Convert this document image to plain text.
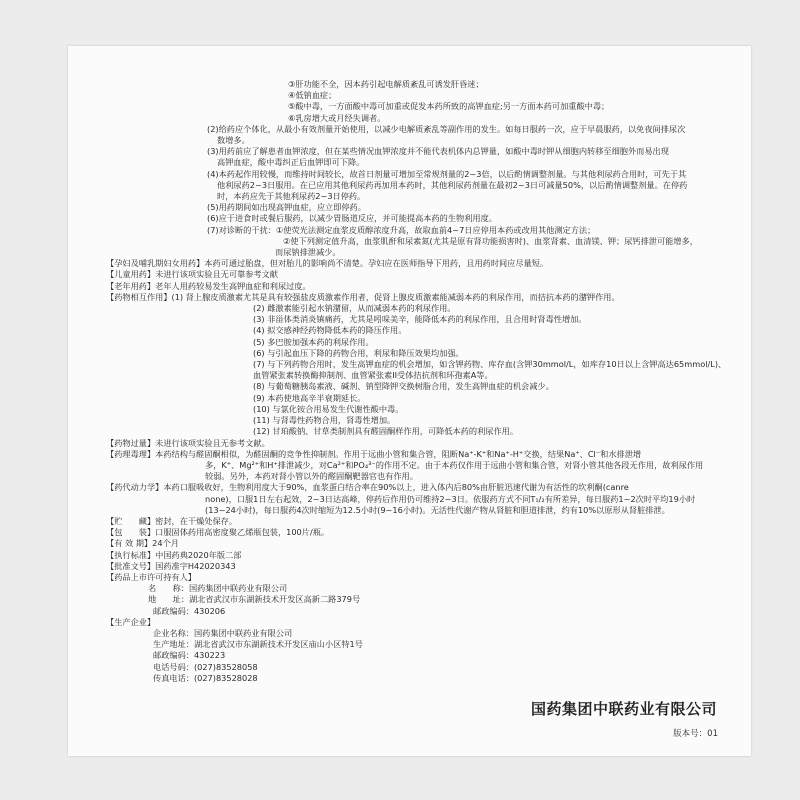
③肝功能不全，因本药引起电解质紊乱可诱发肝昏迷；
④低钠血症；
⑤酸中毒，一方面酸中毒可加重或促发本药所致的高钾血症;另一方面本药可加重酸中毒；
⑥乳房增大或月经失调者。
(2)给药应个体化，从最小有效剂量开始使用，以减少电解质紊乱等副作用的发生。如每日服药一次，应于早晨服药，以免夜间排尿次
数增多。
(3)用药前应了解患者血钾浓度，但在某些情况血钾浓度并不能代表机体内总钾量，如酸中毒时钾从细胞内转移至细胞外而易出现
高钾血症，酸中毒纠正后血钾即可下降。
(4)本药起作用较慢，而维持时间较长，故首日剂量可增加至常规剂量的2~3倍，以后酌情调整剂量。与其他利尿药合用时，可先于其
他利尿药2~3日服用。在已应用其他利尿药再加用本药时，其他利尿药剂量在最初2~3日可减量50%，以后酌情调整剂量。在停药
时，本药应先于其他利尿药2~3日停药。
(5)用药期间如出现高钾血症，应立即停药。
(6)应于进食时或餐后服药，以减少胃肠道反应，并可能提高本药的生物利用度。
(7)对诊断的干扰：①使荧光法测定血浆皮质醇浓度升高，故取血前4~7日应停用本药或改用其他测定方法；
②使下列测定值升高，血浆肌酐和尿素氮(尤其是原有肾功能损害时)、血浆肾素、血清镁、钾；尿钙排泄可能增多，
而尿钠排泄减少。
【孕妇及哺乳期妇女用药】本药可通过胎盘，但对胎儿的影响尚不清楚。孕妇应在医师指导下用药，且用药时间应尽量短。
【儿童用药】未进行该项实验且无可靠参考文献
【老年用药】老年人用药较易发生高钾血症和利尿过度。
【药物相互作用】(1) 肾上腺皮质激素尤其是具有较强盐皮质激素作用者，促肾上腺皮质激素能减弱本药的利尿作用，而拮抗本药的潴钾作用。
(2) 雌激素能引起水钠潴留，从而减弱本药的利尿作用。
(3) 非甾体类消炎镇痛药，尤其是吲哚美辛，能降低本药的利尿作用，且合用时肾毒性增加。
(4) 拟交感神经药物降低本药的降压作用。
(5) 多巴胺加强本药的利尿作用。
(6) 与引起血压下降的药物合用，利尿和降压效果均加强。
(7) 与下列药物合用时，发生高钾血症的机会增加，如含钾药物、库存血(含钾30mmol/L，如库存10日以上含钾高达65mmol/L)、
血管紧张素转换酶抑制剂、血管紧张素II受体拮抗剂和环孢素A等。
(8) 与葡萄糖胰岛素液、碱剂、钠型降钾交换树脂合用，发生高钾血症的机会减少。
(9) 本药使地高辛半衰期延长。
(10) 与氯化铵合用易发生代谢性酸中毒。
(11) 与肾毒性药物合用，肾毒性增加。
(12) 甘珀酸钠、甘草类制剂具有醛固酮样作用，可降低本药的利尿作用。
【药物过量】未进行该项实验且无参考文献。
【药理毒理】本药结构与醛固酮相似，为醛固酮的竞争性抑制剂。作用于远曲小管和集合管，阻断Na⁺-K⁺和Na⁺-H⁺交换，结果Na⁺、Cl⁻和水排泄增
多，K⁺、Mg²⁺和H⁺排泄减少，对Ca²⁺和PO₄³⁻的作用不定。由于本药仅作用于远曲小管和集合管，对肾小管其他各段无作用，故利尿作用
较弱。另外，本药对肾小管以外的醛固酮靶器官也有作用。
【药代动力学】本药口服吸收好，生物利用度大于90%，血浆蛋白结合率在90%以上，进入体内后80%由肝脏迅速代谢为有活性的坎利酮(canre
none)，口服1日左右起效，2~3日达高峰，停药后作用仍可维持2~3日。依服药方式不同T₁/₂有所差异，每日服药1~2次时平均19小时
(13~24小时)，每日服药4次时缩短为12.5小时(9~16小时)。无活性代谢产物从肾脏和胆道排泄，约有10%以原形从肾脏排泄。
【贮　　藏】密封，在干燥处保存。
【包　　装】口服固体药用高密度聚乙烯瓶包装，100片/瓶。
【有 效 期】24个月
【执行标准】中国药典2020年版二部
【批准文号】国药准字H42020343
【药品上市许可持有人】
名　　称：国药集团中联药业有限公司
地　　址：湖北省武汉市东湖新技术开发区高新二路379号
邮政编码：430206
【生产企业】
企业名称：国药集团中联药业有限公司
生产地址：湖北省武汉市东湖新技术开发区庙山小区特1号
邮政编码：430223
电话号码：(027)83528058
传真电话：(027)83528028
国药集团中联药业有限公司
版本号：01
